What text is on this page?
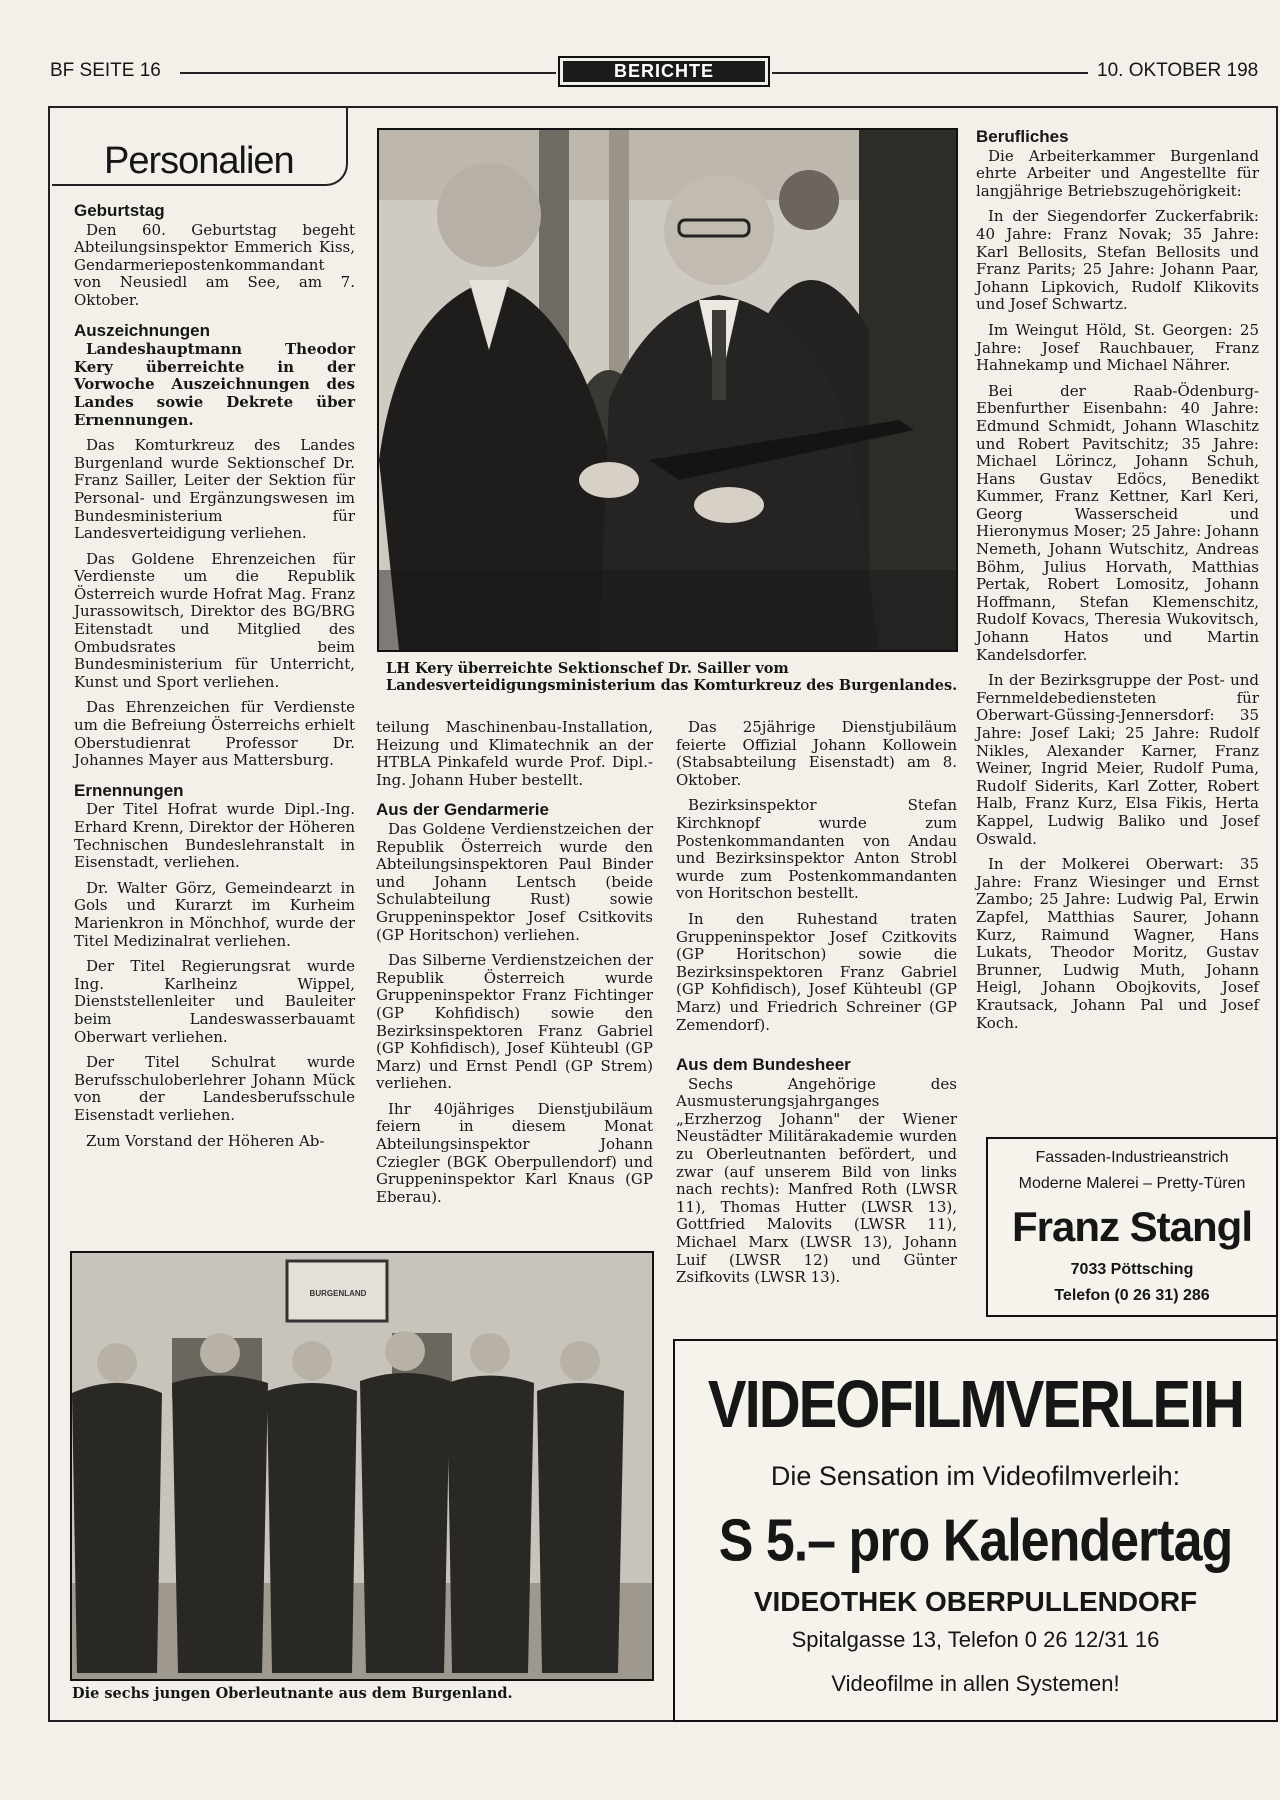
BF SEITE 16	BERICHTE	10. OKTOBER 198
Personalien
Geburtstag

Den 60. Geburtstag begeht Abteilungsinspektor Emmerich Kiss, Gendarmeriepostenkommandant von Neusiedl am See, am 7. Oktober.

Auszeichnungen

Landeshauptmann Theodor Kery überreichte in der Vorwoche Auszeichnungen des Landes sowie Dekrete über Ernennungen.

Das Komturkreuz des Landes Burgenland wurde Sektionschef Dr. Franz Sailler, Leiter der Sektion für Personal- und Ergänzungswesen im Bundesministerium für Landesverteidigung verliehen.

Das Goldene Ehrenzeichen für Verdienste um die Republik Österreich wurde Hofrat Mag. Franz Jurassowitsch, Direktor des BG/BRG Eitenstadt und Mitglied des Ombudsrates beim Bundesministerium für Unterricht, Kunst und Sport verliehen.

Das Ehrenzeichen für Verdienste um die Befreiung Österreichs erhielt Oberstudienrat Professor Dr. Johannes Mayer aus Mattersburg.

Ernennungen

Der Titel Hofrat wurde Dipl.-Ing. Erhard Krenn, Direktor der Höheren Technischen Bundeslehranstalt in Eisenstadt, verliehen.

Dr. Walter Görz, Gemeindearzt in Gols und Kurarzt im Kurheim Marienkron in Mönchhof, wurde der Titel Medizinalrat verliehen.

Der Titel Regierungsrat wurde Ing. Karlheinz Wippel, Dienststellenleiter und Bauleiter beim Landeswasserbauamt Oberwart verliehen.

Der Titel Schulrat wurde Berufsschuloberlehrer Johann Mück von der Landesberufsschule Eisenstadt verliehen.

Zum Vorstand der Höheren Ab-

LH Kery überreichte Sektionschef Dr. Sailler vom Landesverteidigungsministerium das Komturkreuz des Burgenlandes.

teilung Maschinenbau-Installation, Heizung und Klimatechnik an der HTBLA Pinkafeld wurde Prof. Dipl.-Ing. Johann Huber bestellt.

Aus der Gendarmerie

Das Goldene Verdienstzeichen der Republik Österreich wurde den Abteilungsinspektoren Paul Binder und Johann Lentsch (beide Schulabteilung Rust) sowie Gruppeninspektor Josef Csitkovits (GP Horitschon) verliehen.

Das Silberne Verdienstzeichen der Republik Österreich wurde Gruppeninspektor Franz Fichtinger (GP Kohfidisch) sowie den Bezirksinspektoren Franz Gabriel (GP Kohfidisch), Josef Kühteubl (GP Marz) und Ernst Pendl (GP Strem) verliehen.

Ihr 40jähriges Dienstjubiläum feiern in diesem Monat Abteilungsinspektor Johann Cziegler (BGK Oberpullendorf) und Gruppeninspektor Karl Knaus (GP Eberau).

Das 25jährige Dienstjubiläum feierte Offizial Johann Kollowein (Stabsabteilung Eisenstadt) am 8. Oktober.

Bezirksinspektor Stefan Kirchknopf wurde zum Postenkommandanten von Andau und Bezirksinspektor Anton Strobl wurde zum Postenkommandanten von Horitschon bestellt.

In den Ruhestand traten Gruppeninspektor Josef Czitkovits (GP Horitschon) sowie die Bezirksinspektoren Franz Gabriel (GP Kohfidisch), Josef Kühteubl (GP Marz) und Friedrich Schreiner (GP Zemendorf).

Aus dem Bundesheer

Sechs Angehörige des Ausmusterungsjahrganges „Erzherzog Johann" der Wiener Neustädter Militärakademie wurden zu Oberleutnanten befördert, und zwar (auf unserem Bild von links nach rechts): Manfred Roth (LWSR 11), Thomas Hutter (LWSR 13), Gottfried Malovits (LWSR 11), Michael Marx (LWSR 13), Johann Luif (LWSR 12) und Günter Zsifkovits (LWSR 13).

Berufliches

Die Arbeiterkammer Burgenland ehrte Arbeiter und Angestellte für langjährige Betriebszugehörigkeit:

In der Siegendorfer Zuckerfabrik: 40 Jahre: Franz Novak; 35 Jahre: Karl Bellosits, Stefan Bellosits und Franz Parits; 25 Jahre: Johann Paar, Johann Lipkovich, Rudolf Klikovits und Josef Schwartz.

Im Weingut Höld, St. Georgen: 25 Jahre: Josef Rauchbauer, Franz Hahnekamp und Michael Nährer.

Bei der Raab-Ödenburg-Ebenfurther Eisenbahn: 40 Jahre: Edmund Schmidt, Johann Wlaschitz und Robert Pavitschitz; 35 Jahre: Michael Lörincz, Johann Schuh, Hans Gustav Edöcs, Benedikt Kummer, Franz Kettner, Karl Keri, Georg Wasserscheid und Hieronymus Moser; 25 Jahre: Johann Nemeth, Johann Wutschitz, Andreas Böhm, Julius Horvath, Matthias Pertak, Robert Lomositz, Johann Hoffmann, Stefan Klemenschitz, Rudolf Kovacs, Theresia Wukovitsch, Johann Hatos und Martin Kandelsdorfer.

In der Bezirksgruppe der Post- und Fernmeldebediensteten für Oberwart-Güssing-Jennersdorf: 35 Jahre: Josef Laki; 25 Jahre: Rudolf Nikles, Alexander Karner, Franz Weiner, Ingrid Meier, Rudolf Puma, Rudolf Siderits, Karl Zotter, Robert Halb, Franz Kurz, Elsa Fikis, Herta Kappel, Ludwig Baliko und Josef Oswald.

In der Molkerei Oberwart: 35 Jahre: Franz Wiesinger und Ernst Zambo; 25 Jahre: Ludwig Pal, Erwin Zapfel, Matthias Saurer, Johann Kurz, Raimund Wagner, Hans Lukats, Theodor Moritz, Gustav Brunner, Ludwig Muth, Johann Heigl, Johann Obojkovits, Josef Krautsack, Johann Pal und Josef Koch.

BURGENLAND
Die sechs jungen Oberleutnante aus dem Burgenland.
Fassaden-Industrieanstrich
Moderne Malerei – Pretty-Türen
Franz Stangl
7033 Pöttsching
Telefon (0 26 31) 286
VIDEOFILMVERLEIH
Die Sensation im Videofilmverleih:
S 5.– pro Kalendertag
VIDEOTHEK OBERPULLENDORF
Spitalgasse 13, Telefon 0 26 12/31 16
Videofilme in allen Systemen!
